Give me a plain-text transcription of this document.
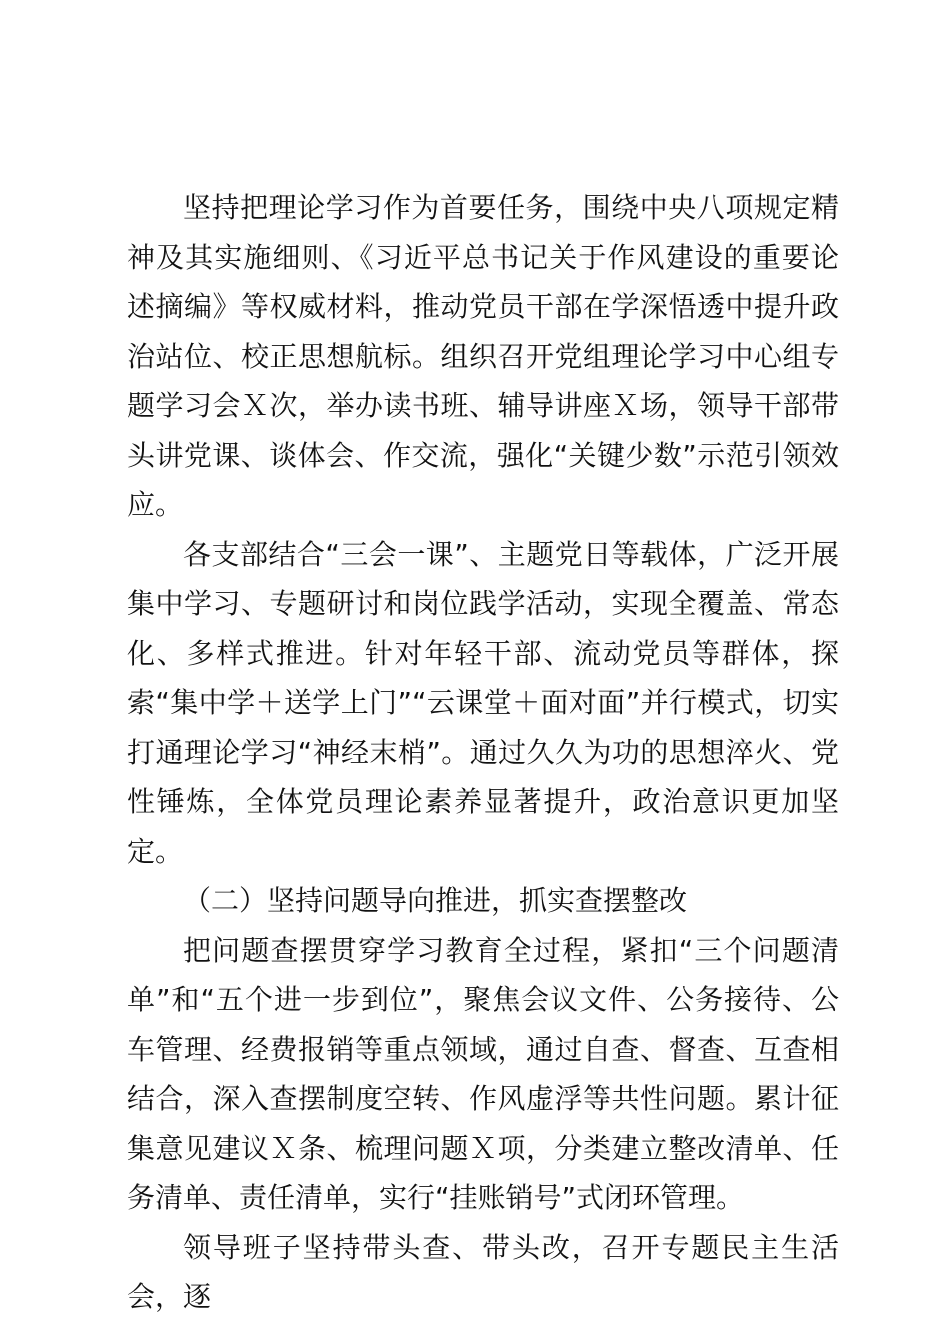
坚持把理论学习作为首要任务，围绕中央八项规定精神及其实施细则、《习近平总书记关于作风建设的重要论述摘编》等权威材料，推动党员干部在学深悟透中提升政治站位、校正思想航标。组织召开党组理论学习中心组专题学习会Ｘ次，举办读书班、辅导讲座Ｘ场，领导干部带头讲党课、谈体会、作交流，强化“关键少数”示范引领效应。

各支部结合“三会一课”、主题党日等载体，广泛开展集中学习、专题研讨和岗位践学活动，实现全覆盖、常态化、多样式推进。针对年轻干部、流动党员等群体，探索“集中学＋送学上门”“云课堂＋面对面”并行模式，切实打通理论学习“神经末梢”。通过久久为功的思想淬火、党性锤炼，全体党员理论素养显著提升，政治意识更加坚定。

（二）坚持问题导向推进，抓实查摆整改

把问题查摆贯穿学习教育全过程，紧扣“三个问题清单”和“五个进一步到位”，聚焦会议文件、公务接待、公车管理、经费报销等重点领域，通过自查、督查、互查相结合，深入查摆制度空转、作风虚浮等共性问题。累计征集意见建议Ｘ条、梳理问题Ｘ项，分类建立整改清单、任务清单、责任清单，实行“挂账销号”式闭环管理。

领导班子坚持带头查、带头改，召开专题民主生活会，逐
